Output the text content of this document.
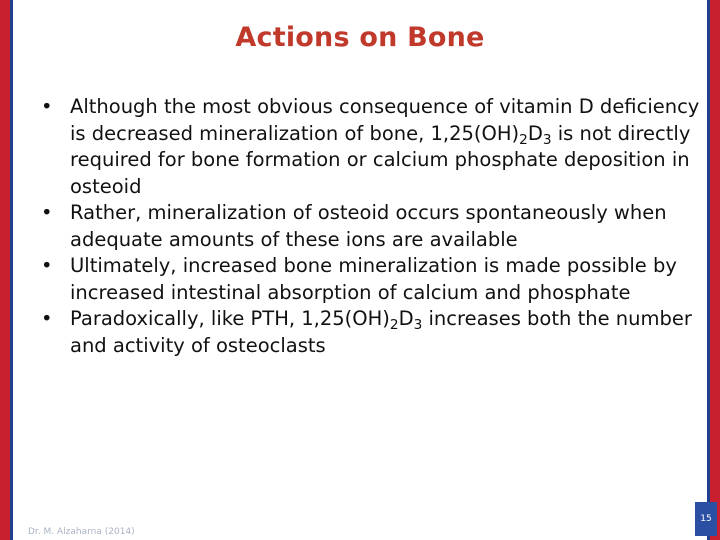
Actions on Bone
• Although the most obvious consequence of vitamin D deficiency is decreased mineralization of bone, $1,25(OH)_2D_3$ is not directly required for bone formation or calcium phosphate deposition in osteoid
• Rather, mineralization of osteoid occurs spontaneously when adequate amounts of these ions are available
• Ultimately, increased bone mineralization is made possible by increased intestinal absorption of calcium and phosphate
• Paradoxically, like PTH, $1,25(OH)_2D_3$ increases both the number and activity of osteoclasts
Dr. M. Alzaharna (2014)
15
